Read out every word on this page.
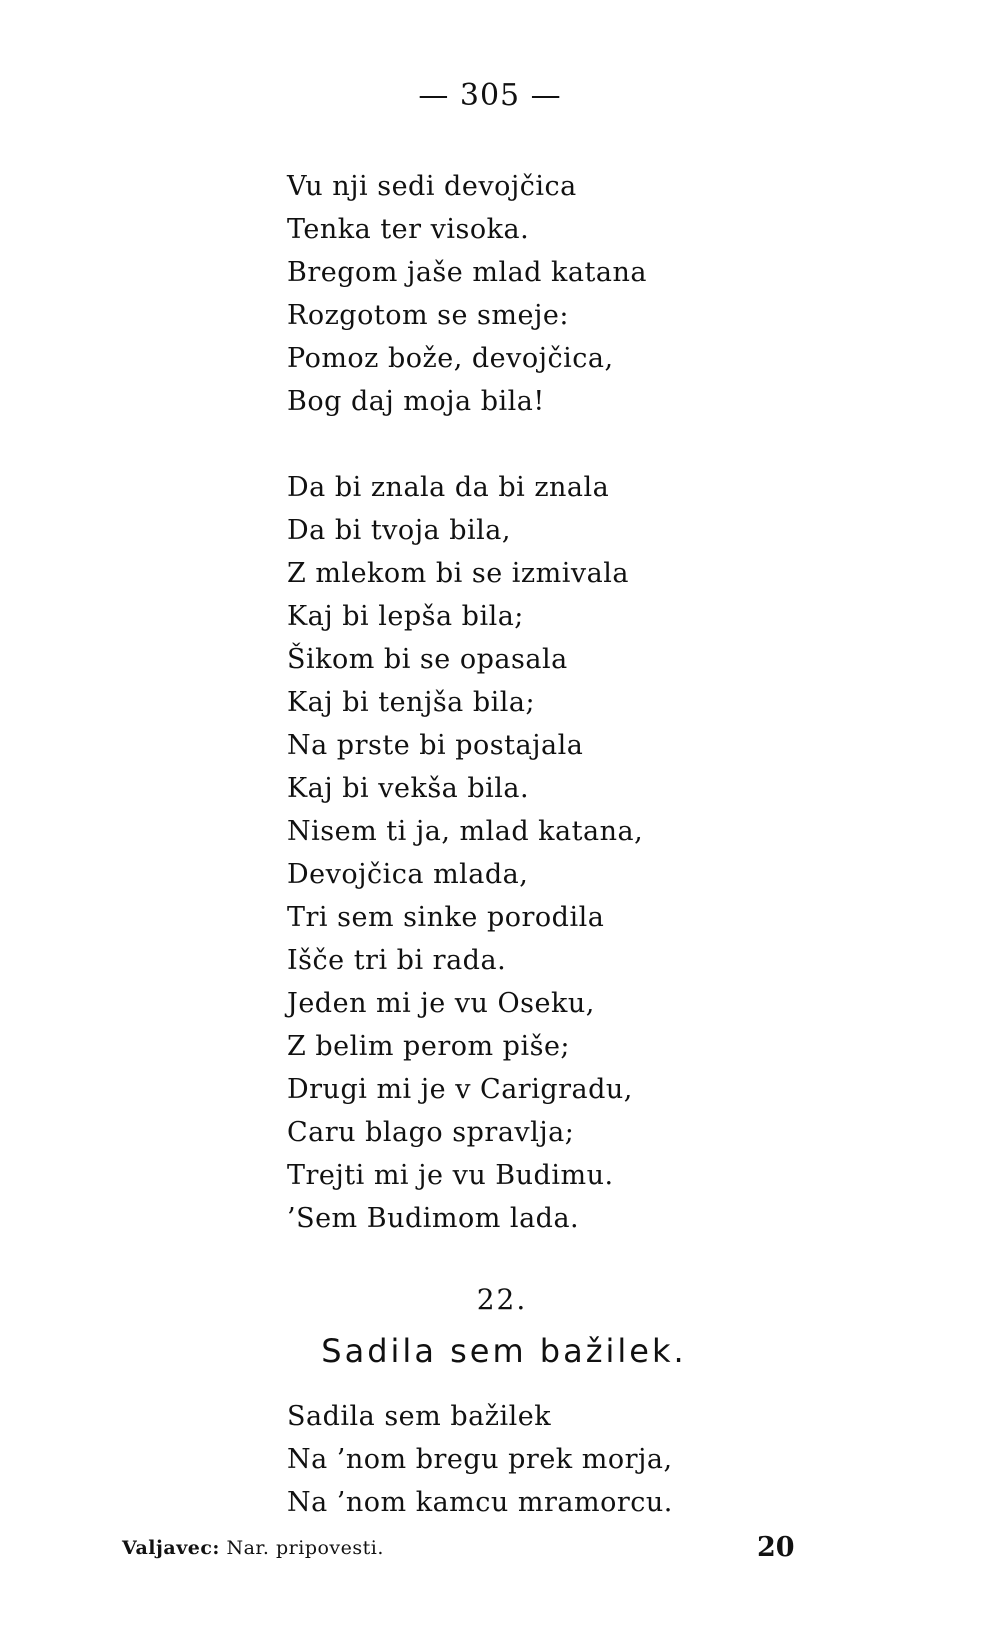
— 305 —
Vu nji sedi devojčica
Tenka ter visoka.
Bregom jaše mlad katana
Rozgotom se smeje:
Pomoz bože, devojčica,
Bog daj moja bila!
Da bi znala da bi znala
Da bi tvoja bila,
Z mlekom bi se izmivala
Kaj bi lepša bila;
Šikom bi se opasala
Kaj bi tenjša bila;
Na prste bi postajala
Kaj bi vekša bila.
Nisem ti ja, mlad katana,
Devojčica mlada,
Tri sem sinke porodila
Išče tri bi rada.
Jeden mi je vu Oseku,
Z belim perom piše;
Drugi mi je v Carigradu,
Caru blago spravlja;
Trejti mi je vu Budimu.
’Sem Budimom lada.
22.
Sadila sem bažilek.
Sadila sem bažilek
Na ’nom bregu prek morja,
Na ’nom kamcu mramorcu.
Valjavec: Nar. pripovesti.	20
